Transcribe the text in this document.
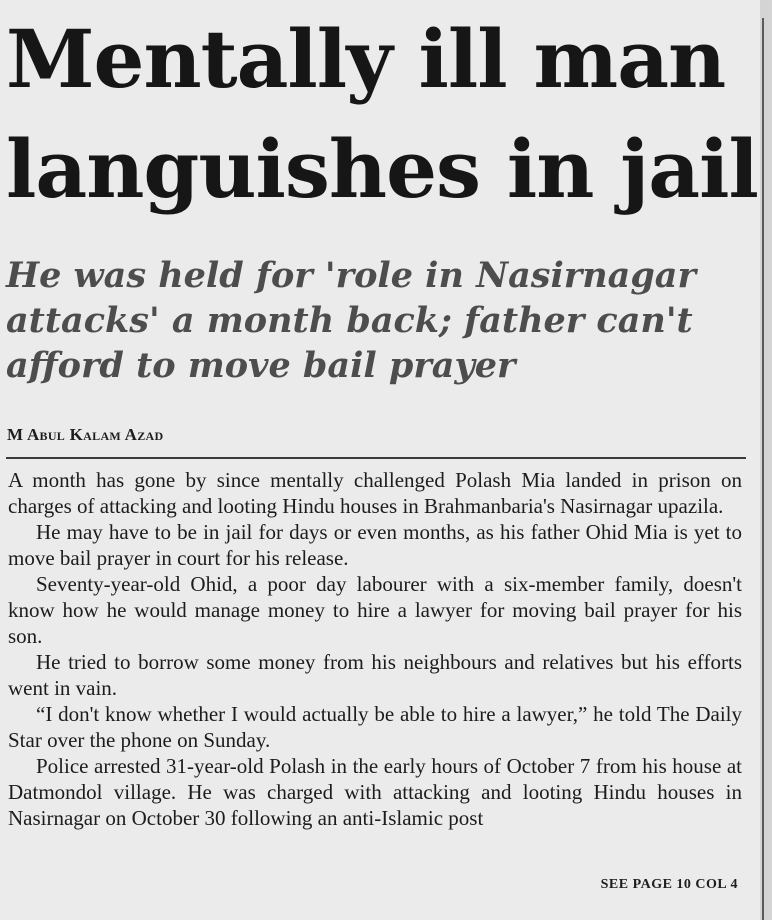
Mentally ill man
languishes in jail
He was held for 'role in Nasirnagar
attacks' a month back; father can't
afford to move bail prayer
M Abul Kalam Azad

A month has gone by since mentally challenged Polash Mia landed in prison on charges of attacking and looting Hindu houses in Brahmanbaria's Nasirnagar upazila.

He may have to be in jail for days or even months, as his father Ohid Mia is yet to move bail prayer in court for his release.

Seventy-year-old Ohid, a poor day labourer with a six-member family, doesn't know how he would manage money to hire a lawyer for moving bail prayer for his son.

He tried to borrow some money from his neighbours and relatives but his efforts went in vain.

“I don't know whether I would actually be able to hire a lawyer,” he told The Daily Star over the phone on Sunday.

Police arrested 31-year-old Polash in the early hours of October 7 from his house at Datmondol village. He was charged with attacking and looting Hindu houses in Nasirnagar on October 30 following an anti-Islamic post

SEE PAGE 10 COL 4
